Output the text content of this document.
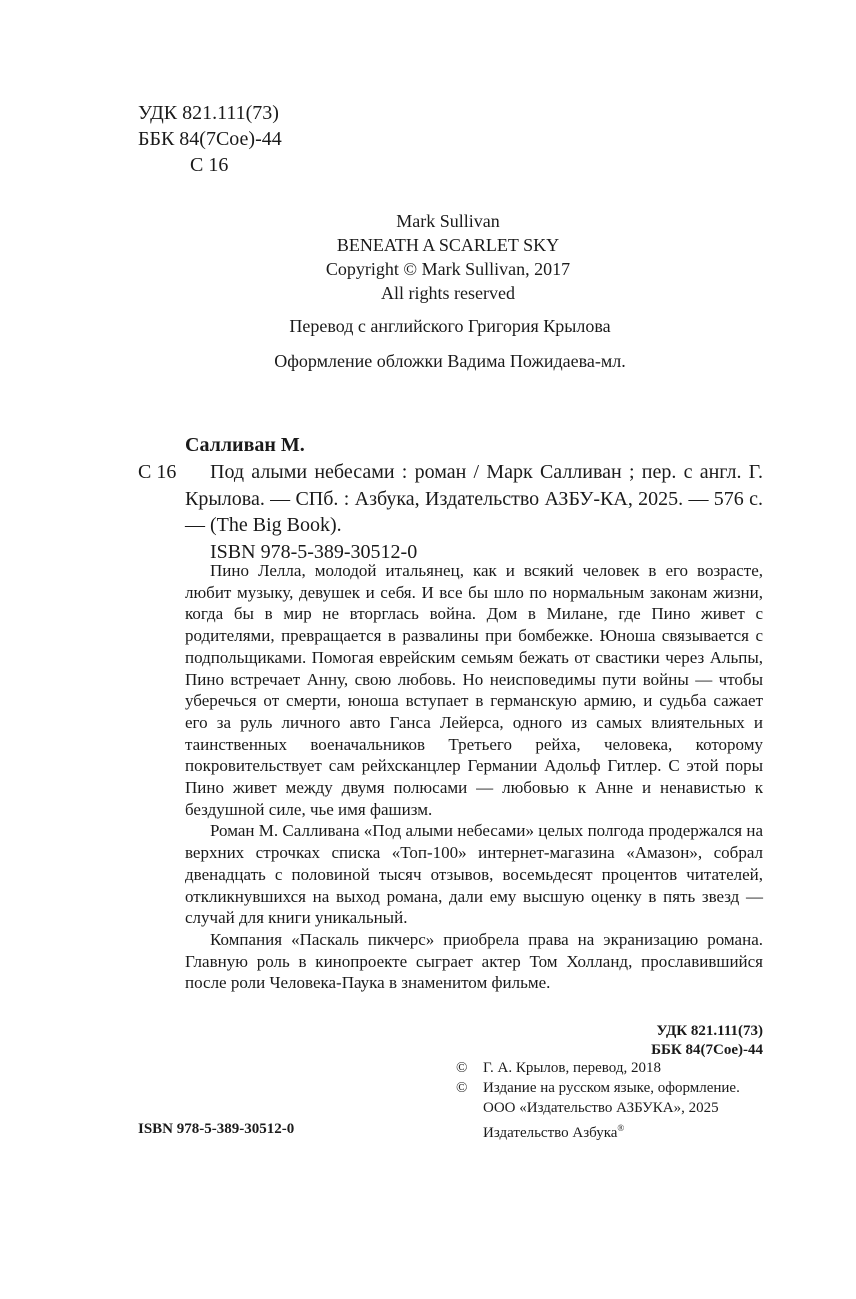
УДК 821.111(73)
ББК 84(7Сое)-44
С 16
Mark Sullivan
BENEATH A SCARLET SKY
Copyright © Mark Sullivan, 2017
All rights reserved
Перевод с английского Григория Крылова
Оформление обложки Вадима Пожидаева-мл.
Салливан М.
С 16	Под алыми небесами : роман / Марк Салливан ; пер. с англ. Г. Крылова. — СПб. : Азбука, Издательство АЗБУ-КА, 2025. — 576 с. — (The Big Book).

ISBN 978-5-389-30512-0

Пино Лелла, молодой итальянец, как и всякий человек в его возрасте, любит музыку, девушек и себя. И все бы шло по нормальным законам жизни, когда бы в мир не вторглась война. Дом в Милане, где Пино живет с родителями, превращается в развалины при бомбежке. Юноша связывается с подпольщиками. Помогая еврейским семьям бежать от свастики через Альпы, Пино встречает Анну, свою любовь. Но неисповедимы пути войны — чтобы уберечься от смерти, юноша вступает в германскую армию, и судьба сажает его за руль личного авто Ганса Лейерса, одного из самых влиятельных и таинственных военачальников Третьего рейха, человека, которому покровительствует сам рейхсканцлер Германии Адольф Гитлер. С этой поры Пино живет между двумя полюсами — любовью к Анне и ненавистью к бездушной силе, чье имя фашизм.

Роман М. Салливана «Под алыми небесами» целых полгода продержался на верхних строчках списка «Топ-100» интернет-магазина «Амазон», собрал двенадцать с половиной тысяч отзывов, восемьдесят процентов читателей, откликнувшихся на выход романа, дали ему высшую оценку в пять звезд — случай для книги уникальный.

Компания «Паскаль пикчерс» приобрела права на экранизацию романа. Главную роль в кинопроекте сыграет актер Том Холланд, прославившийся после роли Человека-Паука в знаменитом фильме.

УДК 821.111(73)
ББК 84(7Сое)-44
©	Г. А. Крылов, перевод, 2018
©	Издание на русском языке, оформление.
ООО «Издательство АЗБУКА», 2025
Издательство Азбука®
ISBN 978-5-389-30512-0
